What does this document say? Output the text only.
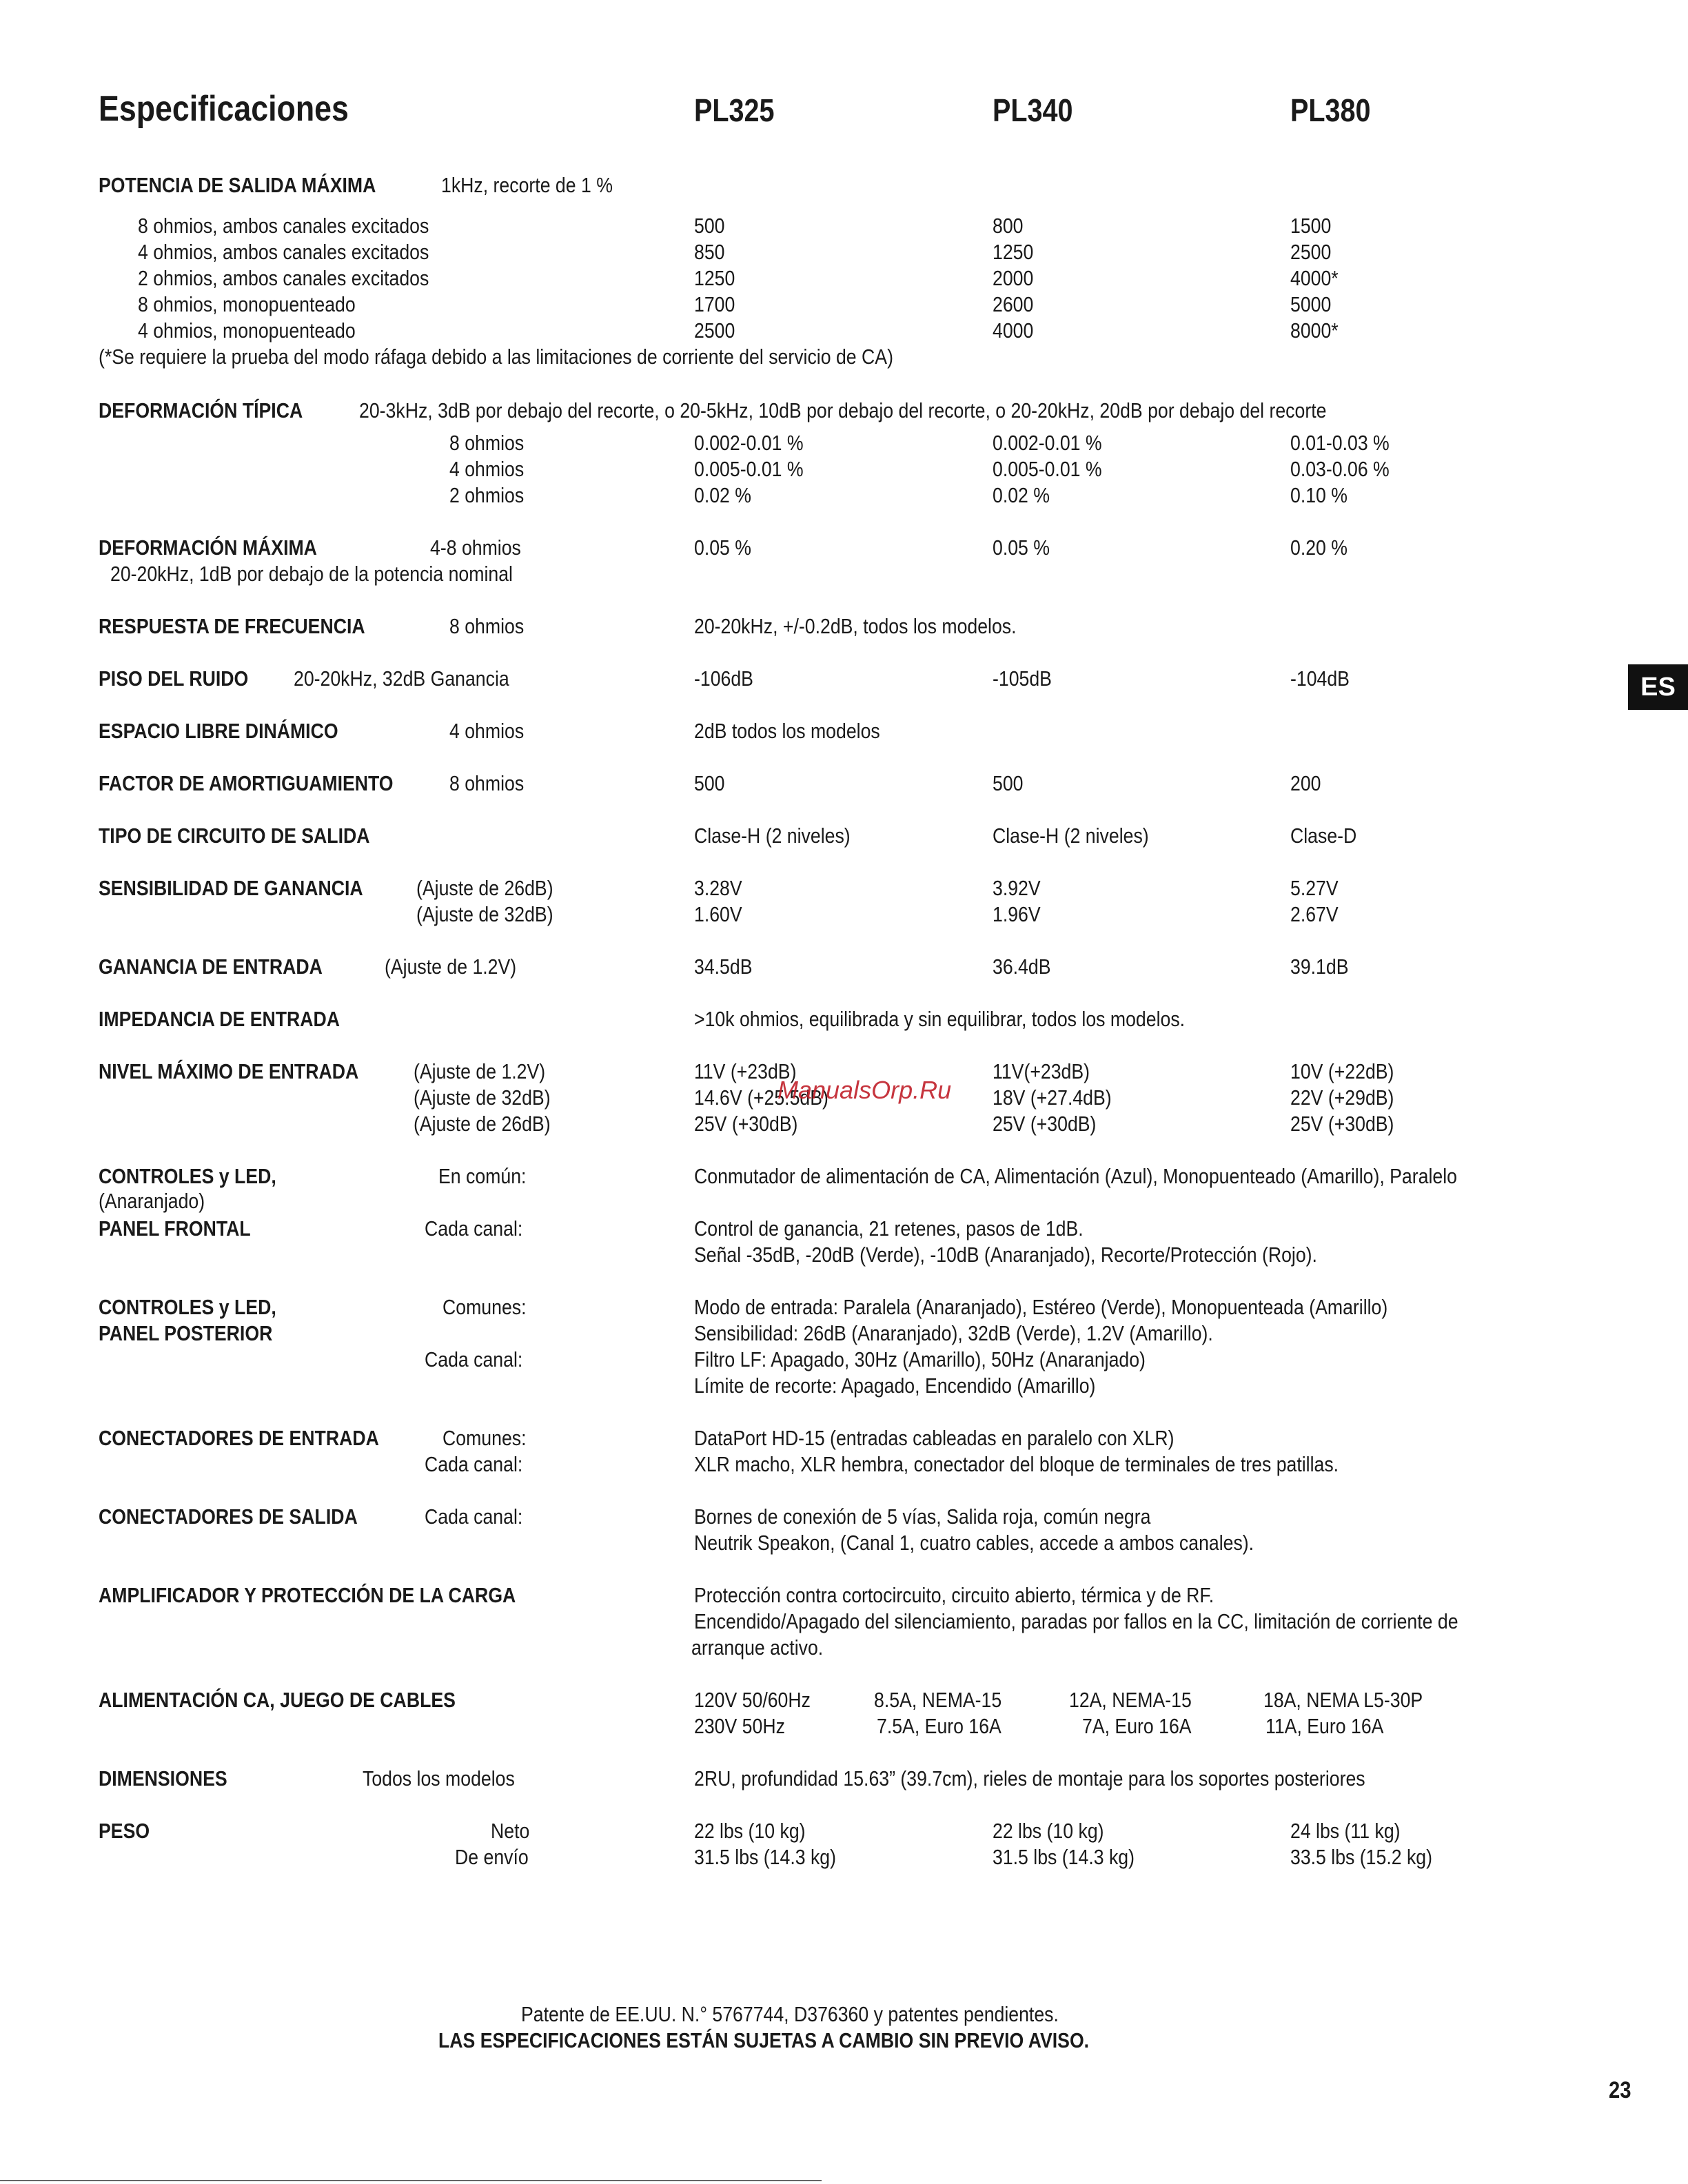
Especificaciones	PL325	PL340	PL380
POTENCIA DE SALIDA MÁXIMA	1kHz, recorte de 1 %
8 ohmios, ambos canales excitados	500	800	1500
4 ohmios, ambos canales excitados	850	1250	2500
2 ohmios, ambos canales excitados	1250	2000	4000*
8 ohmios, monopuenteado	1700	2600	5000
4 ohmios, monopuenteado	2500	4000	8000*
(*Se requiere la prueba del modo ráfaga debido a las limitaciones de corriente del servicio de CA)
DEFORMACIÓN TÍPICA	20-3kHz, 3dB por debajo del recorte, o 20-5kHz, 10dB por debajo del recorte, o 20-20kHz, 20dB por debajo del recorte
8 ohmios	0.002-0.01 %	0.002-0.01 %	0.01-0.03 %
4 ohmios	0.005-0.01 %	0.005-0.01 %	0.03-0.06 %
2 ohmios	0.02 %	0.02 %	0.10 %
DEFORMACIÓN MÁXIMA	4-8 ohmios	0.05 %	0.05 %	0.20 %
20-20kHz, 1dB por debajo de la potencia nominal
RESPUESTA DE FRECUENCIA	8 ohmios	20-20kHz, +/-0.2dB, todos los modelos.
PISO DEL RUIDO 20-20kHz, 32dB Ganancia	-106dB	-105dB	-104dB
ESPACIO LIBRE DINÁMICO	4 ohmios	2dB todos los modelos
FACTOR DE AMORTIGUAMIENTO	8 ohmios	500	500	200
TIPO DE CIRCUITO DE SALIDA	Clase-H (2 niveles)	Clase-H (2 niveles)	Clase-D
SENSIBILIDAD DE GANANCIA (Ajuste de 26dB)	3.28V	3.92V	5.27V
(Ajuste de 32dB)	1.60V	1.96V	2.67V
GANANCIA DE ENTRADA	(Ajuste de 1.2V)	34.5dB	36.4dB	39.1dB
IMPEDANCIA DE ENTRADA	>10k ohmios, equilibrada y sin equilibrar, todos los modelos.
NIVEL MÁXIMO DE ENTRADA	(Ajuste de 1.2V)	11V (+23dB)	11V(+23dB)	10V (+22dB)
(Ajuste de 32dB)	14.6V (+25.5dB)	18V (+27.4dB)	22V (+29dB)
(Ajuste de 26dB)	25V (+30dB)	25V (+30dB)	25V (+30dB)
ManualsOrp.Ru
CONTROLES y LED,	En común:	Conmutador de alimentación de CA, Alimentación (Azul), Monopuenteado (Amarillo), Paralelo
(Anaranjado)
PANEL FRONTAL	Cada canal:	Control de ganancia, 21 retenes, pasos de 1dB.
Señal -35dB, -20dB (Verde), -10dB (Anaranjado), Recorte/Protección (Rojo).
CONTROLES y LED,	Comunes:	Modo de entrada: Paralela (Anaranjado), Estéreo (Verde), Monopuenteada (Amarillo)
PANEL POSTERIOR	Sensibilidad: 26dB (Anaranjado), 32dB (Verde), 1.2V (Amarillo).
Cada canal:	Filtro LF: Apagado, 30Hz (Amarillo), 50Hz (Anaranjado)
Límite de recorte: Apagado, Encendido (Amarillo)
CONECTADORES DE ENTRADA	Comunes:	DataPort HD-15 (entradas cableadas en paralelo con XLR)
Cada canal:	XLR macho, XLR hembra, conectador del bloque de terminales de tres patillas.
CONECTADORES DE SALIDA	Cada canal:	Bornes de conexión de 5 vías, Salida roja, común negra
Neutrik Speakon, (Canal 1, cuatro cables, accede a ambos canales).
AMPLIFICADOR Y PROTECCIÓN DE LA CARGA	Protección contra cortocircuito, circuito abierto, térmica y de RF.
Encendido/Apagado del silenciamiento, paradas por fallos en la CC, limitación de corriente de
arranque activo.
ALIMENTACIÓN CA, JUEGO DE CABLES	120V 50/60Hz	8.5A, NEMA-15	12A, NEMA-15	18A, NEMA L5-30P
230V 50Hz	7.5A, Euro 16A	7A, Euro 16A	11A, Euro 16A
DIMENSIONES	Todos los modelos	2RU, profundidad 15.63” (39.7cm), rieles de montaje para los soportes posteriores
PESO	Neto	22 lbs (10 kg)	22 lbs (10 kg)	24 lbs (11 kg)
De envío	31.5 lbs (14.3 kg)	31.5 lbs (14.3 kg)	33.5 lbs (15.2 kg)
Patente de EE.UU. N.° 5767744, D376360 y patentes pendientes.
LAS ESPECIFICACIONES ESTÁN SUJETAS A CAMBIO SIN PREVIO AVISO.
23
ES
